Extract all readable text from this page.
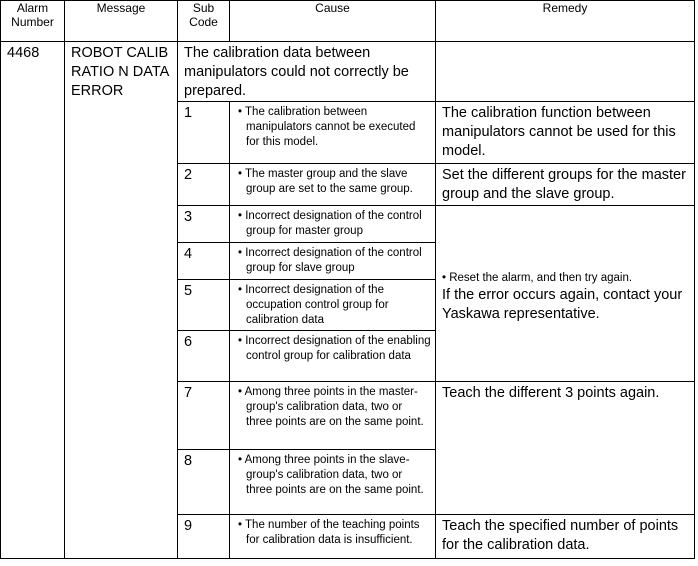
Alarm Number	Message	Sub Code	Cause	Remedy
4468	ROBOT CALIBRATIO N DATA ERROR	The calibration data between manipulators could not correctly be prepared.		
		1	• The calibration between manipulators cannot be executed for this model.	The calibration function between manipulators cannot be used for this model.
		2	• The master group and the slave group are set to the same group.	Set the different groups for the master group and the slave group.
		3	• Incorrect designation of the control group for master group	• Reset the alarm, and then try again.
If the error occurs again, contact your Yaskawa representative.

		4	• Incorrect designation of the control group for slave group	

		5	• Incorrect designation of the occupation control group for calibration data	

		6	• Incorrect designation of the enabling control group for calibration data	

		7	• Among three points in the master-group's calibration data, two or three points are on the same point.	Teach the different 3 points again.
		8	• Among three points in the slave-group's calibration data, two or three points are on the same point.	

		9	• The number of the teaching points for calibration data is insufficient.	Teach the specified number of points for the calibration data.
